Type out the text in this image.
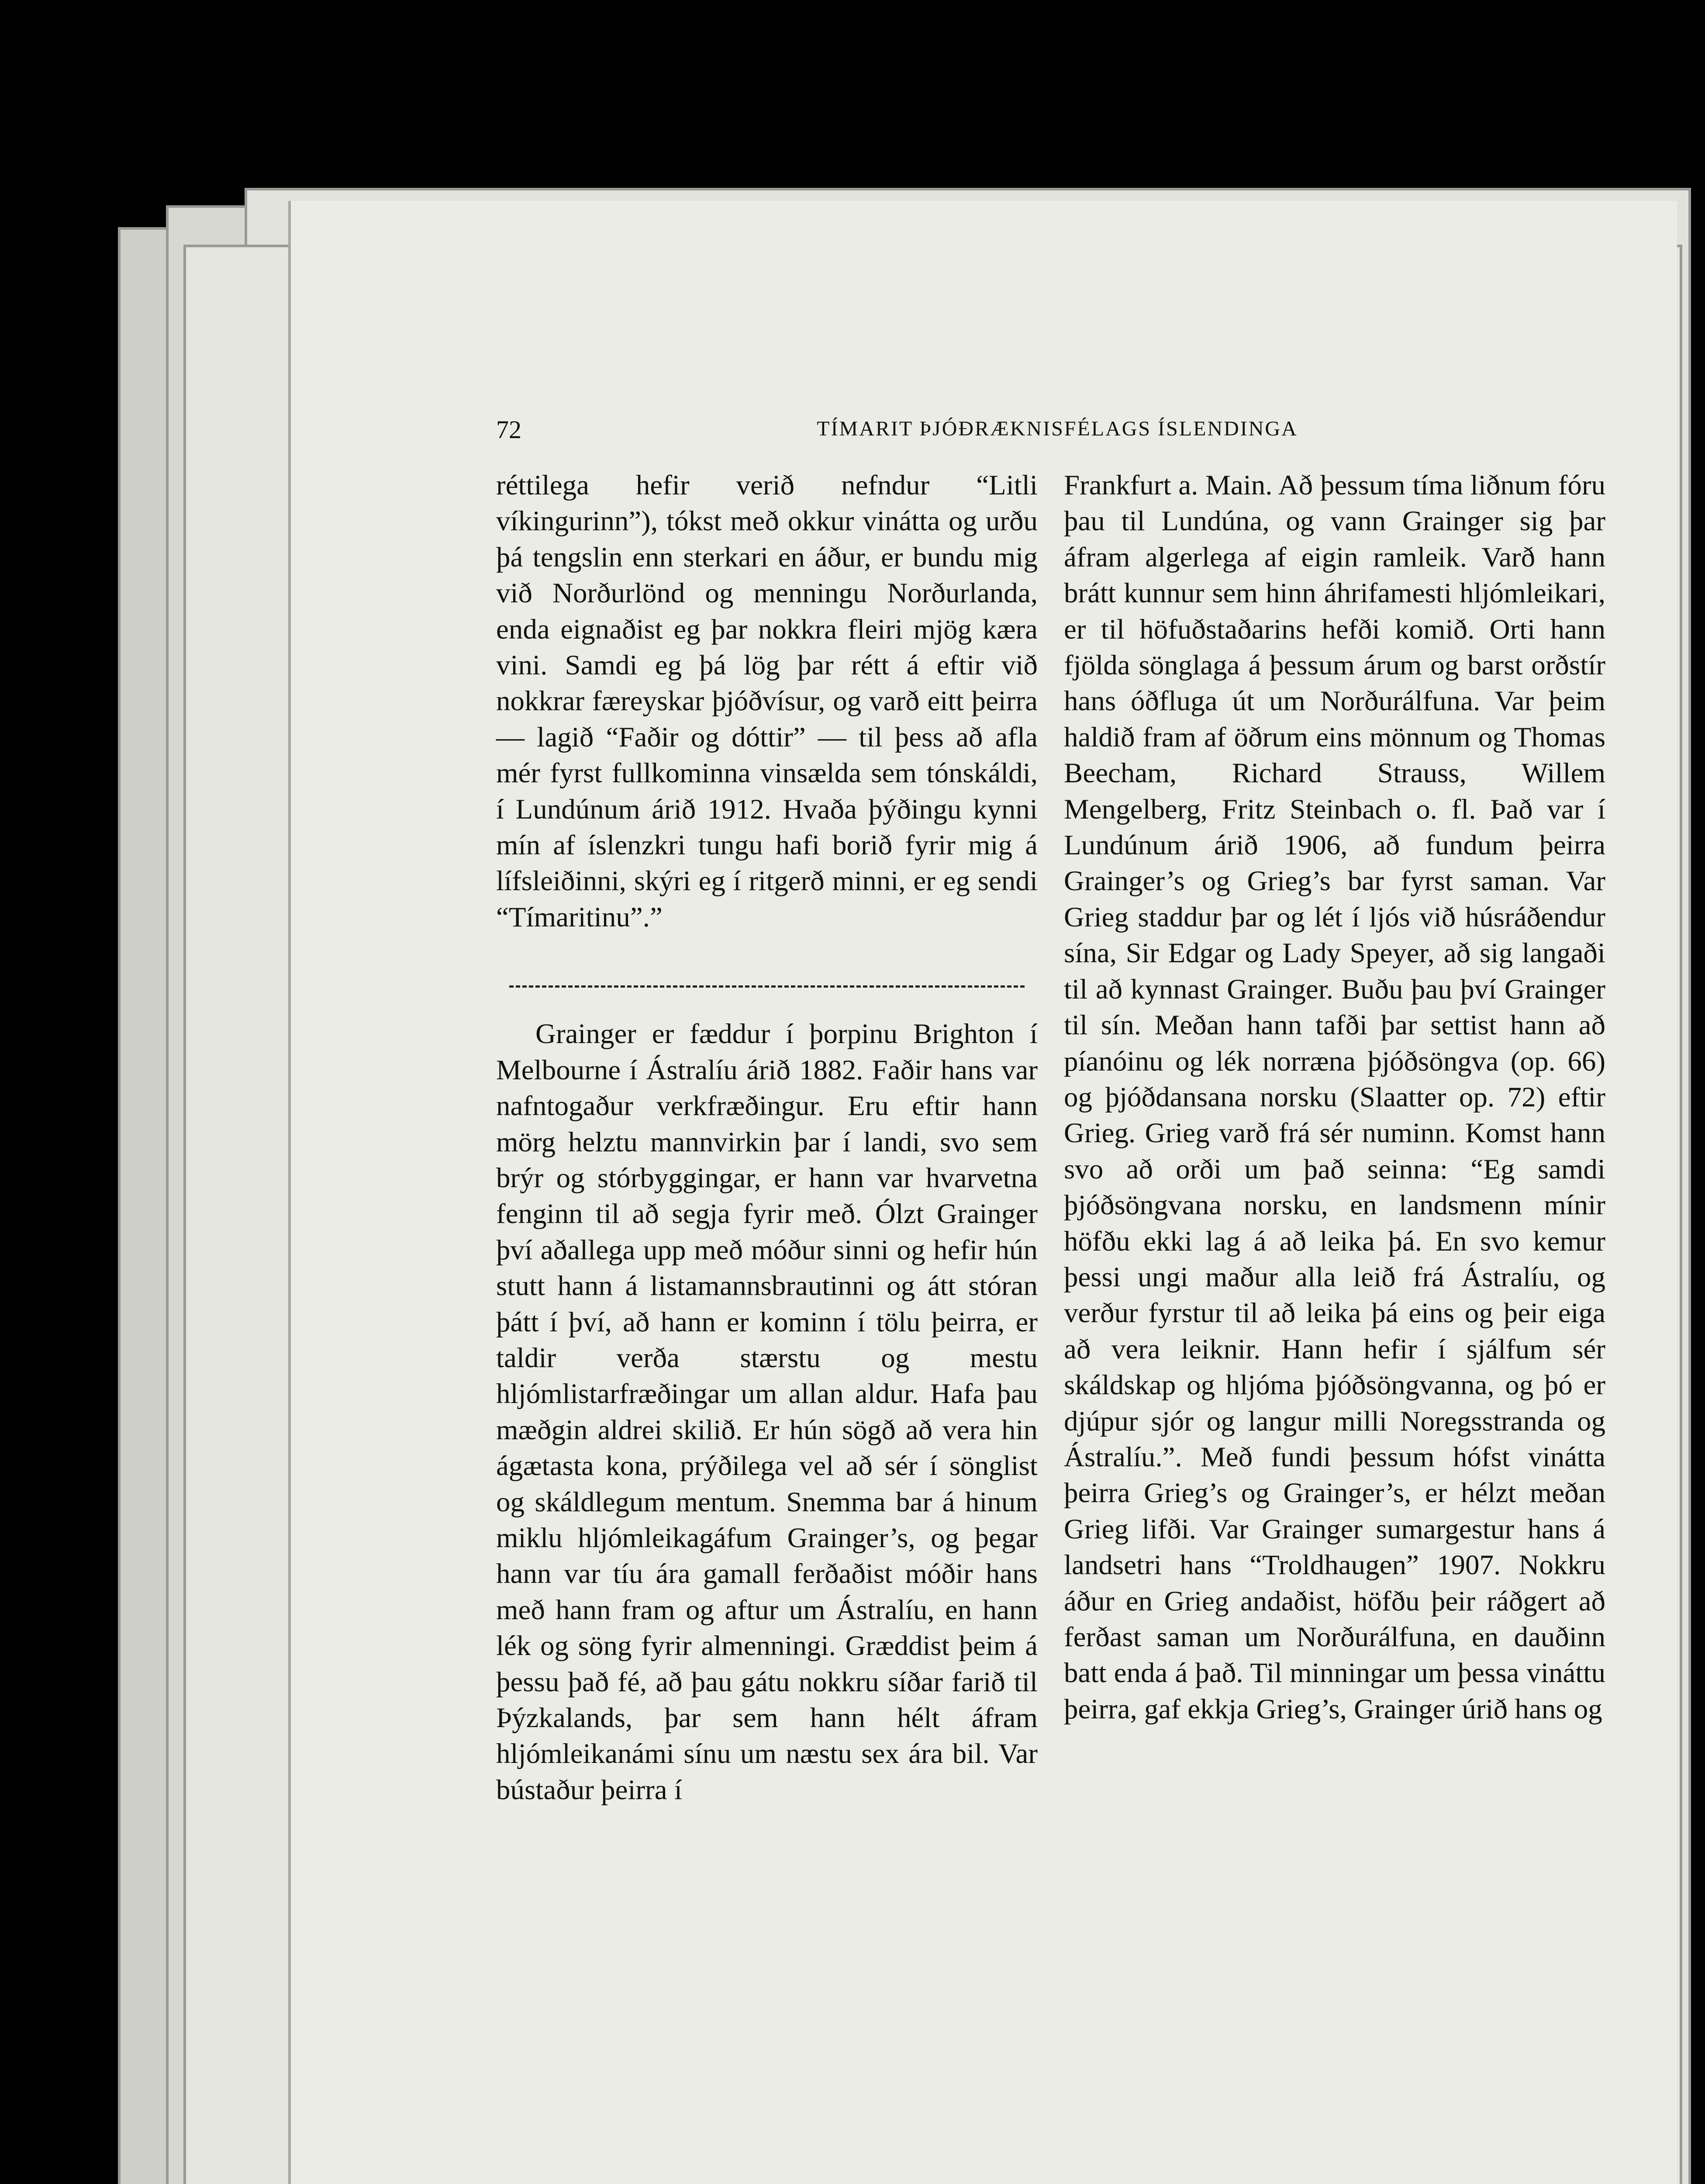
72	TÍMARIT ÞJÓÐRÆKNISFÉLAGS ÍSLENDINGA

réttilega hefir verið nefndur “Litli víkingurinn”), tókst með okkur vinátta og urðu þá tengslin enn sterkari en áður, er bundu mig við Norðurlönd og menningu Norðurlanda, enda eignaðist eg þar nokkra fleiri mjög kæra vini. Samdi eg þá lög þar rétt á eftir við nokkrar færeyskar þjóðvísur, og varð eitt þeirra — lagið “Faðir og dóttir” — til þess að afla mér fyrst fullkominna vinsælda sem tónskáldi, í Lundúnum árið 1912. Hvaða þýðingu kynni mín af íslenzkri tungu hafi borið fyrir mig á lífsleiðinni, skýri eg í ritgerð minni, er eg sendi “Tímaritinu”.”

Grainger er fæddur í þorpinu Brighton í Melbourne í Ástralíu árið 1882. Faðir hans var nafntogaður verkfræðingur. Eru eftir hann mörg helztu mannvirkin þar í landi, svo sem brýr og stórbyggingar, er hann var hvarvetna fenginn til að segja fyrir með. Ólzt Grainger því aðallega upp með móður sinni og hefir hún stutt hann á listamannsbrautinni og átt stóran þátt í því, að hann er kominn í tölu þeirra, er taldir verða stærstu og mestu hljómlistarfræðingar um allan aldur. Hafa þau mæðgin aldrei skilið. Er hún sögð að vera hin ágætasta kona, prýðilega vel að sér í sönglist og skáldlegum mentum. Snemma bar á hinum miklu hljómleikagáfum Grainger’s, og þegar hann var tíu ára gamall ferðaðist móðir hans með hann fram og aftur um Ástralíu, en hann lék og söng fyrir almenningi. Græddist þeim á þessu það fé, að þau gátu nokkru síðar farið til Þýzkalands, þar sem hann hélt áfram hljómleikanámi sínu um næstu sex ára bil. Var bústaður þeirra í

Frankfurt a. Main. Að þessum tíma liðnum fóru þau til Lundúna, og vann Grainger sig þar áfram algerlega af eigin ramleik. Varð hann brátt kunnur sem hinn áhrifamesti hljómleikari, er til höfuðstaðarins hefði komið. Orti hann fjölda sönglaga á þessum árum og barst orðstír hans óðfluga út um Norðurálfuna. Var þeim haldið fram af öðrum eins mönnum og Thomas Beecham, Richard Strauss, Willem Mengelberg, Fritz Steinbach o. fl. Það var í Lundúnum árið 1906, að fundum þeirra Grainger’s og Grieg’s bar fyrst saman. Var Grieg staddur þar og lét í ljós við húsráðendur sína, Sir Edgar og Lady Speyer, að sig langaði til að kynnast Grainger. Buðu þau því Grainger til sín. Meðan hann tafði þar settist hann að píanóinu og lék norræna þjóðsöngva (op. 66) og þjóðdansana norsku (Slaatter op. 72) eftir Grieg. Grieg varð frá sér numinn. Komst hann svo að orði um það seinna: “Eg samdi þjóðsöngvana norsku, en landsmenn mínir höfðu ekki lag á að leika þá. En svo kemur þessi ungi maður alla leið frá Ástralíu, og verður fyrstur til að leika þá eins og þeir eiga að vera leiknir. Hann hefir í sjálfum sér skáldskap og hljóma þjóðsöngvanna, og þó er djúpur sjór og langur milli Noregsstranda og Ástralíu.”. Með fundi þessum hófst vinátta þeirra Grieg’s og Grainger’s, er hélzt meðan Grieg lifði. Var Grainger sumargestur hans á landsetri hans “Troldhaugen” 1907. Nokkru áður en Grieg andaðist, höfðu þeir ráðgert að ferðast saman um Norðurálfuna, en dauðinn batt enda á það. Til minningar um þessa vináttu þeirra, gaf ekkja Grieg’s, Grainger úrið hans og
